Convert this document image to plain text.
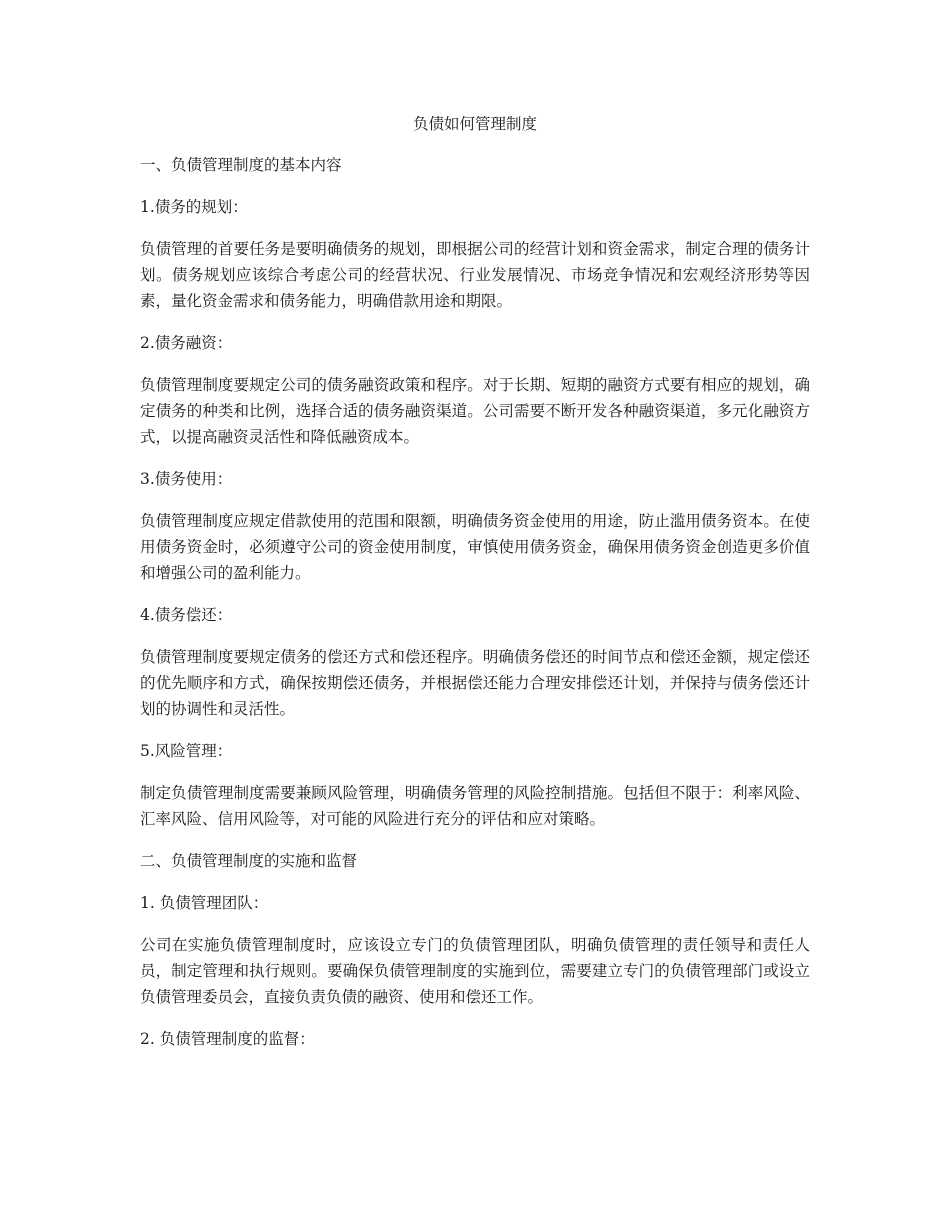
负债如何管理制度

一、负债管理制度的基本内容

1.债务的规划：

负债管理的首要任务是要明确债务的规划，即根据公司的经营计划和资金需求，制定合理的债务计划。债务规划应该综合考虑公司的经营状况、行业发展情况、市场竞争情况和宏观经济形势等因素，量化资金需求和债务能力，明确借款用途和期限。

2.债务融资：

负债管理制度要规定公司的债务融资政策和程序。对于长期、短期的融资方式要有相应的规划，确定债务的种类和比例，选择合适的债务融资渠道。公司需要不断开发各种融资渠道，多元化融资方式，以提高融资灵活性和降低融资成本。

3.债务使用：

负债管理制度应规定借款使用的范围和限额，明确债务资金使用的用途，防止滥用债务资本。在使用债务资金时，必须遵守公司的资金使用制度，审慎使用债务资金，确保用债务资金创造更多价值和增强公司的盈利能力。

4.债务偿还：

负债管理制度要规定债务的偿还方式和偿还程序。明确债务偿还的时间节点和偿还金额，规定偿还的优先顺序和方式，确保按期偿还债务，并根据偿还能力合理安排偿还计划，并保持与债务偿还计划的协调性和灵活性。

5.风险管理：

制定负债管理制度需要兼顾风险管理，明确债务管理的风险控制措施。包括但不限于：利率风险、汇率风险、信用风险等，对可能的风险进行充分的评估和应对策略。

二、负债管理制度的实施和监督

1. 负债管理团队：

公司在实施负债管理制度时，应该设立专门的负债管理团队，明确负债管理的责任领导和责任人员，制定管理和执行规则。要确保负债管理制度的实施到位，需要建立专门的负债管理部门或设立负债管理委员会，直接负责负债的融资、使用和偿还工作。

2. 负债管理制度的监督：
